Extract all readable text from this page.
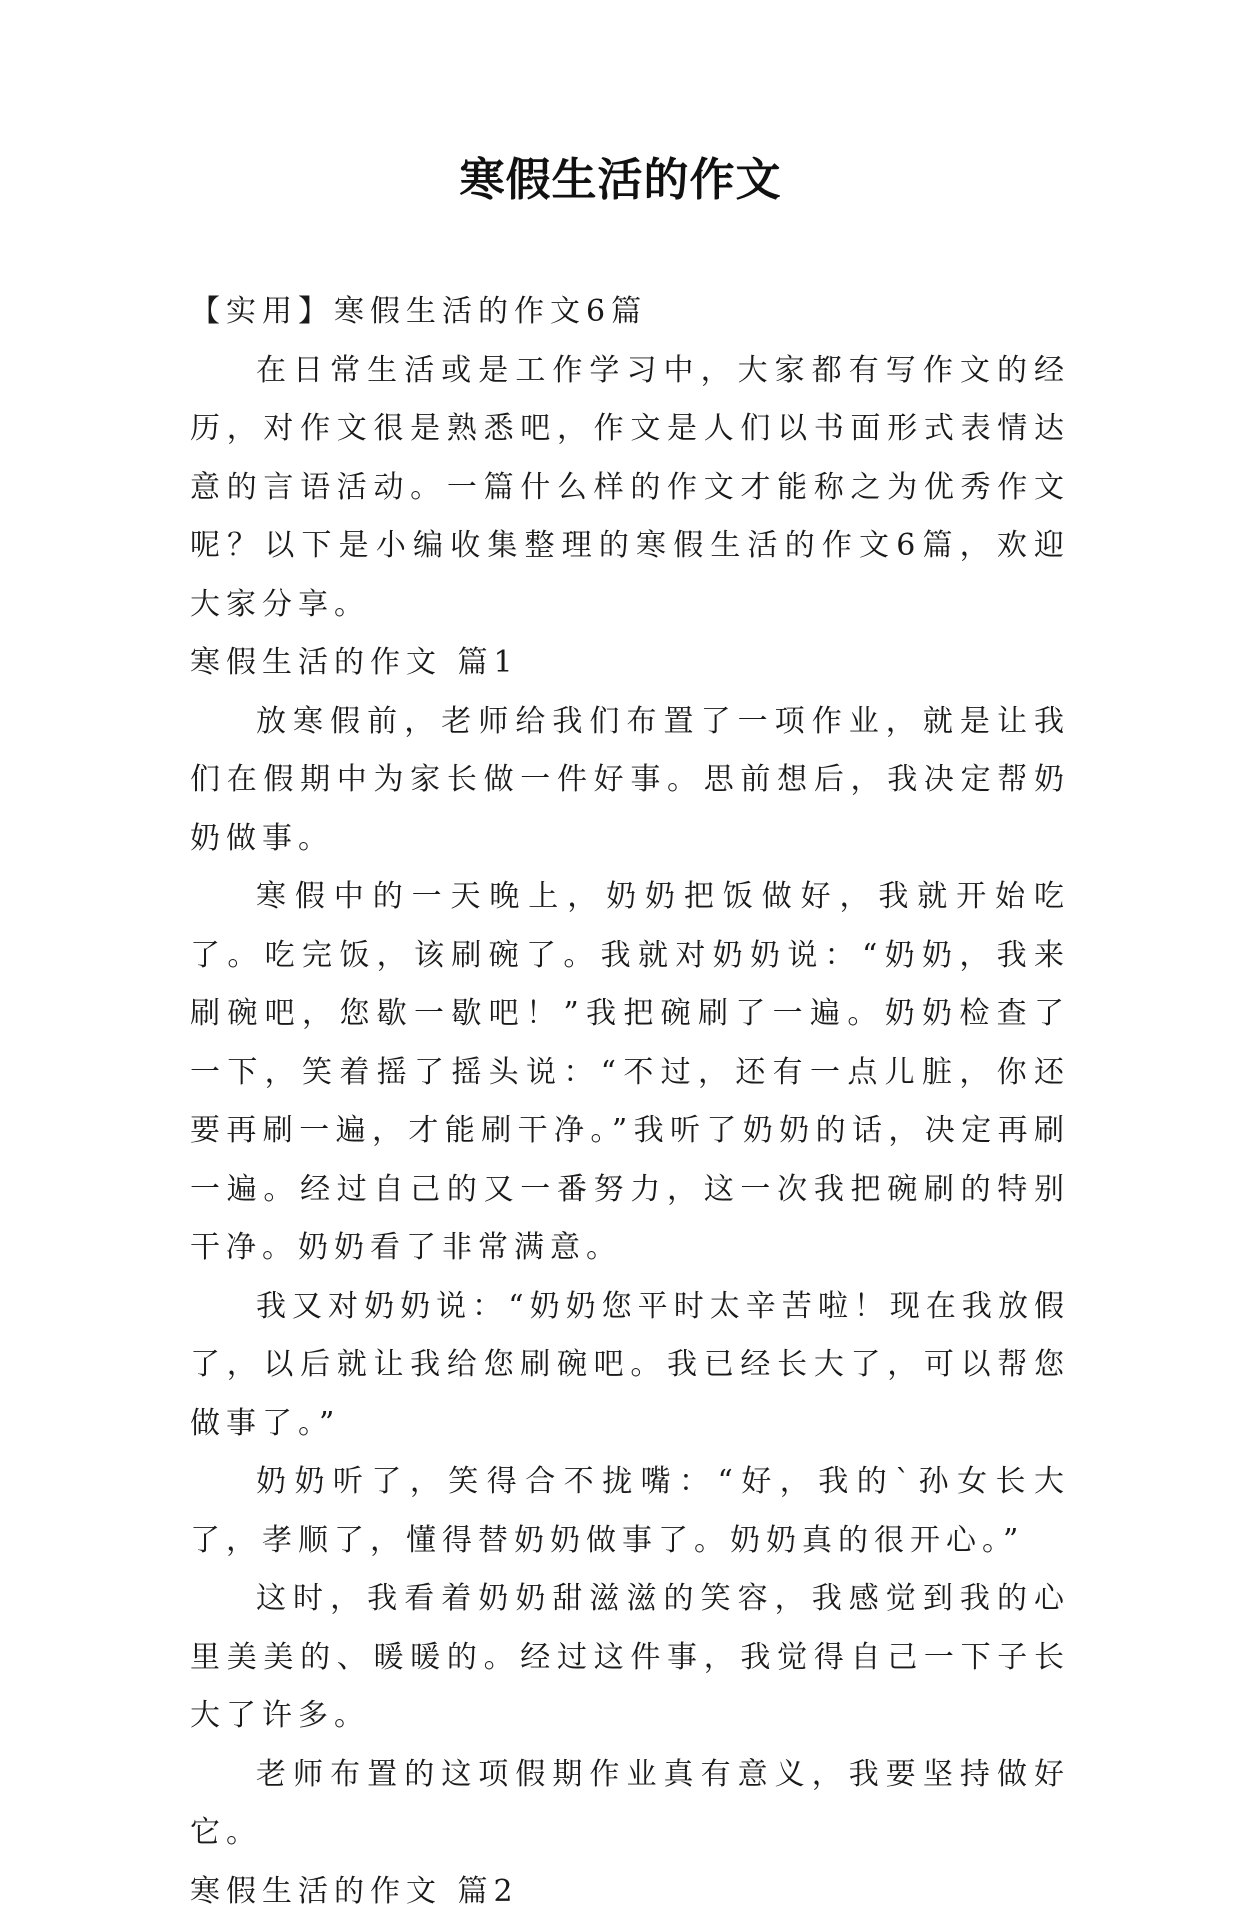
寒假生活的作文

【实用】寒假生活的作文6篇

在日常生活或是工作学习中，大家都有写作文的经历，对作文很是熟悉吧，作文是人们以书面形式表情达意的言语活动。一篇什么样的作文才能称之为优秀作文呢？以下是小编收集整理的寒假生活的作文6篇，欢迎大家分享。

寒假生活的作文 篇1

放寒假前，老师给我们布置了一项作业，就是让我们在假期中为家长做一件好事。思前想后，我决定帮奶奶做事。

寒假中的一天晚上，奶奶把饭做好，我就开始吃了。吃完饭，该刷碗了。我就对奶奶说：“奶奶，我来刷碗吧，您歇一歇吧！”我把碗刷了一遍。奶奶检查了一下，笑着摇了摇头说：“不过，还有一点儿脏，你还要再刷一遍，才能刷干净。”我听了奶奶的话，决定再刷一遍。经过自己的又一番努力，这一次我把碗刷的特别干净。奶奶看了非常满意。

我又对奶奶说：“奶奶您平时太辛苦啦！现在我放假了，以后就让我给您刷碗吧。我已经长大了，可以帮您做事了。”

奶奶听了，笑得合不拢嘴：“好，我的`孙女长大了，孝顺了，懂得替奶奶做事了。奶奶真的很开心。”

这时，我看着奶奶甜滋滋的笑容，我感觉到我的心里美美的、暖暖的。经过这件事，我觉得自己一下子长大了许多。

老师布置的这项假期作业真有意义，我要坚持做好它。

寒假生活的作文 篇2
